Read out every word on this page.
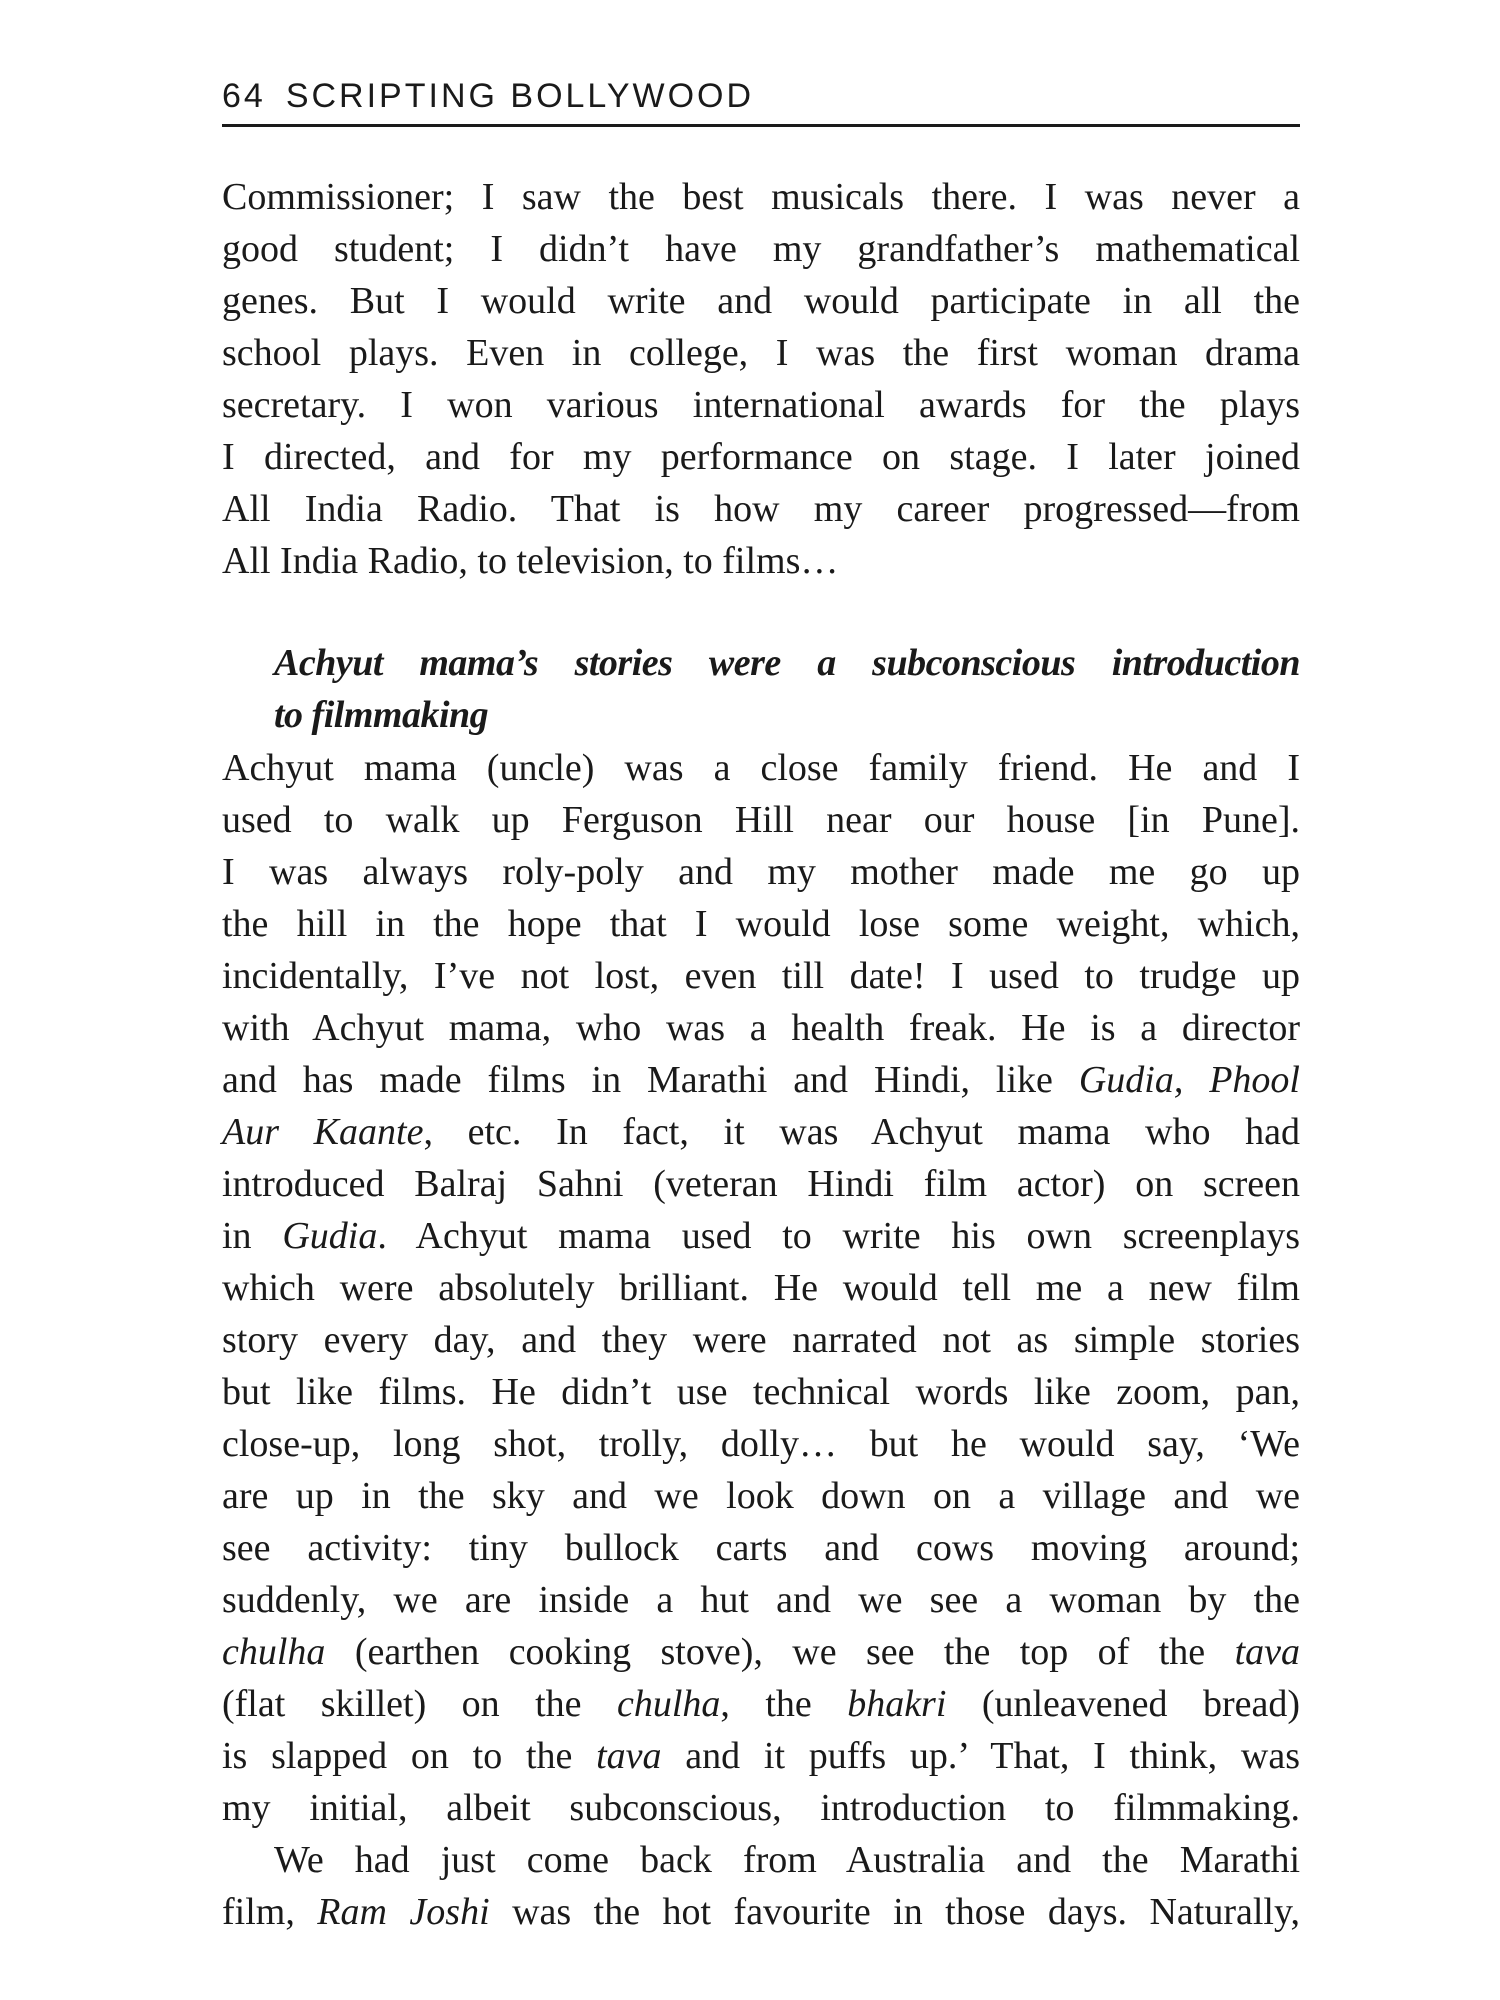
64 SCRIPTING BOLLYWOOD
Commissioner; I saw the best musicals there. I was never a
good student; I didn’t have my grandfather’s mathematical
genes. But I would write and would participate in all the
school plays. Even in college, I was the first woman drama
secretary. I won various international awards for the plays
I directed, and for my performance on stage. I later joined
All India Radio. That is how my career progressed—from
All India Radio, to television, to films…
Achyut mama’s stories were a subconscious introduction
to filmmaking
Achyut mama (uncle) was a close family friend. He and I
used to walk up Ferguson Hill near our house [in Pune].
I was always roly-poly and my mother made me go up
the hill in the hope that I would lose some weight, which,
incidentally, I’ve not lost, even till date! I used to trudge up
with Achyut mama, who was a health freak. He is a director
and has made films in Marathi and Hindi, like Gudia, Phool
Aur Kaante, etc. In fact, it was Achyut mama who had
introduced Balraj Sahni (veteran Hindi film actor) on screen
in Gudia. Achyut mama used to write his own screenplays
which were absolutely brilliant. He would tell me a new film
story every day, and they were narrated not as simple stories
but like films. He didn’t use technical words like zoom, pan,
close-up, long shot, trolly, dolly… but he would say, ‘We
are up in the sky and we look down on a village and we
see activity: tiny bullock carts and cows moving around;
suddenly, we are inside a hut and we see a woman by the
chulha (earthen cooking stove), we see the top of the tava
(flat skillet) on the chulha, the bhakri (unleavened bread)
is slapped on to the tava and it puffs up.’ That, I think, was
my initial, albeit subconscious, introduction to filmmaking.
We had just come back from Australia and the Marathi
film, Ram Joshi was the hot favourite in those days. Naturally,
